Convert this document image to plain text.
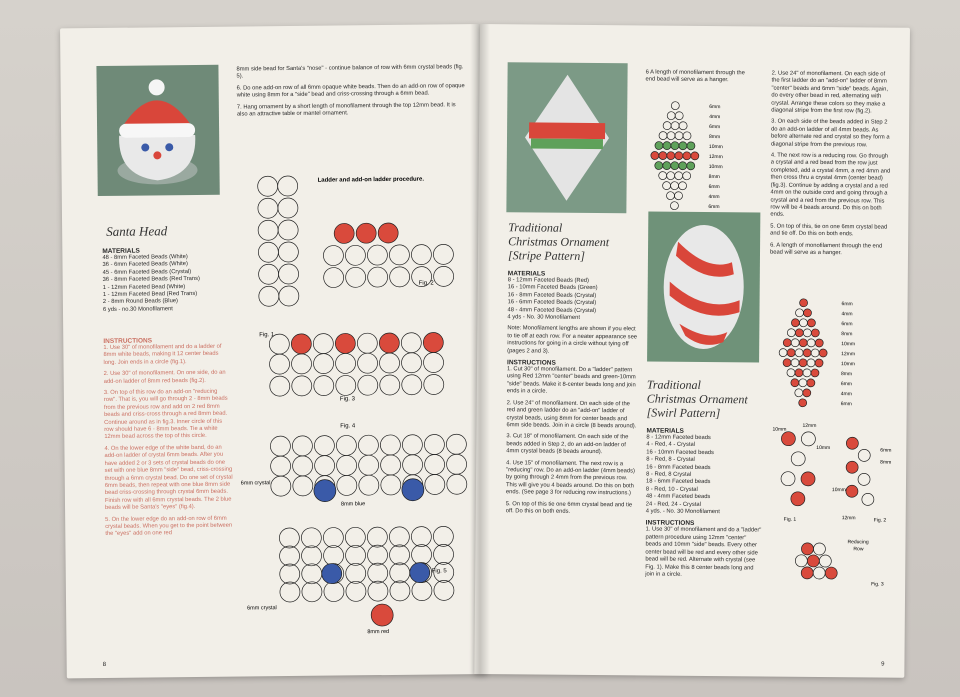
Santa Head
MATERIALS
48 - 8mm Faceted Beads (White)
36 - 6mm Faceted Beads (White)
45 - 6mm Faceted Beads (Crystal)
36 - 8mm Faceted Beads (Red Trans)
1 - 12mm Faceted Bead (White)
1 - 12mm Faceted Bead (Red Trans)
2 - 8mm Round Beads (Blue)
6 yds - no.30 Monofilament
INSTRUCTIONS
1. Use 30" of monofilament and do a ladder of 8mm white beads, making it 12 center beads long. Join ends in a circle (fig.1).
2. Use 30" of monofilament. On one side, do an add-on ladder of 8mm red beads (fig.2).
3. On top of this row do an add-on "reducing row". That is, you will go through 2 - 8mm beads from the previous row and add on 2 red 8mm beads and criss-cross through a red 8mm bead. Continue around as in fig.3. Inner circle of this row should have 6 - 8mm beads. Tie a white 12mm bead across the top of this circle.
4. On the lower edge of the white band, do an add-on ladder of crystal 6mm beads. After you have added 2 or 3 sets of crystal beads do one set with one blue 8mm "side" bead, criss-crossing through a 6mm crystal bead. Do one set of crystal 6mm beads, then repeat with one blue 8mm side bead criss-crossing through crystal 6mm beads. Finish row with all 6mm crystal beads. The 2 blue beads will be Santa's "eyes" (fig.4).
5. On the lower edge do an add-on row of 6mm crystal beads. When you get to the point between the "eyes" add on one red
8mm side bead for Santa's "nose" - continue balance of row with 6mm crystal beads (fig. 5).
6. Do one add-on row of all 6mm opaque white beads. Then do an add-on row of opaque white using 8mm for a "side" bead and criss-crossing through a 6mm bead.
7. Hang ornament by a short length of monofilament through the top 12mm bead. It is also an attractive table or mantel ornament.
Fig. 1
Ladder and add-on ladder procedure.
Fig. 2
Fig. 3
Fig. 4
6mm crystal
8mm blue
Fig. 5
6mm crystal
8mm red
8
Traditional
Christmas Ornament
[Stripe Pattern]
MATERIALS
8 - 12mm Faceted Beads (Red)
16 - 10mm Faceted Beads (Green)
16 - 8mm Faceted Beads (Crystal)
16 - 6mm Faceted Beads (Crystal)
48 - 4mm Faceted Beads (Crystal)
4 yds - No. 30 Monofilament
Note: Monofilament lengths are shown if you elect to tie off at each row. For a neater appearance see instructions for going in a circle without tying off (pages 2 and 3).
INSTRUCTIONS
1. Cut 30" of monofilament. Do a "ladder" pattern using Red 12mm "center" beads and green-10mm "side" beads. Make it 8-center beads long and join ends in a circle.
2. Use 24" of monofilament. On each side of the red and green ladder do an "add-on" ladder of crystal beads, using 8mm for center beads and 6mm side beads. Join in a circle (8 beads around).
3. Cut 18" of monofilament. On each side of the beads added in Step 2, do an add-on ladder of 4mm crystal beads (8 beads around).
4. Use 15" of monofilament. The next row is a "reducing" row. Do an add-on ladder (4mm beads) by going through 2 4mm from the previous row. This will give you 4 beads around. Do this on both ends. (See page 3 for reducing row instructions.)
5. On top of this tie one 6mm crystal bead and tie off. Do this on both ends.
6 A length of monofilament through the end bead will serve as a hanger.
6mm
4mm
6mm
8mm
10mm
12mm
10mm
8mm
6mm
4mm
6mm
Traditional
Christmas Ornament
[Swirl Pattern]
MATERIALS
8 - 12mm Faceted beads
4 - Red, 4 - Crystal
16 - 10mm Faceted beads
8 - Red, 8 - Crystal
16 - 8mm Faceted beads
8 - Red, 8 Crystal
18 - 6mm Faceted beads
8 - Red, 10 - Crystal
48 - 4mm Faceted beads
24 - Red, 24 - Crystal
4 yds. - No. 30 Monofilament
INSTRUCTIONS
1. Use 30" of monofilament and do a "ladder" pattern procedure using 12mm "center" beads and 10mm "side" beads. Every other center bead will be red and every other side bead will be red. Alternate with crystal (see Fig. 1). Make this 8 center beads long and join in a circle.
2. Use 24" of monofilament. On each side of the first ladder do an "add-on" ladder of 8mm "center" beads and 6mm "side" beads. Again, do every other bead in red, alternating with crystal. Arrange these colors so they make a diagonal stripe from the first row (fig.2).
3. On each side of the beads added in Step 2 do an add-on ladder of all 4mm beads. As before alternate red and crystal so they form a diagonal stripe from the previous row.
4. The next row is a reducing row. Go through a crystal and a red bead from the row just completed, add a crystal 4mm, a red 4mm and then cross thru a crystal 4mm (center bead) (fig.3). Continue by adding a crystal and a red 4mm on the outside cord and going through a crystal and a red from the previous row. This row will be 4 beads around. Do this on both ends.
5. On top of this, tie on one 6mm crystal bead and tie off. Do this on both ends.
6. A length of monofilament through the end bead will serve as a hanger.
6mm
4mm
6mm
8mm
10mm
12mm
10mm
8mm
6mm
4mm
6mm
10mm
12mm
10mm
Fig. 1
6mm
8mm
10mm
12mm	Fig. 2
Reducing
Row
Fig. 3
9
